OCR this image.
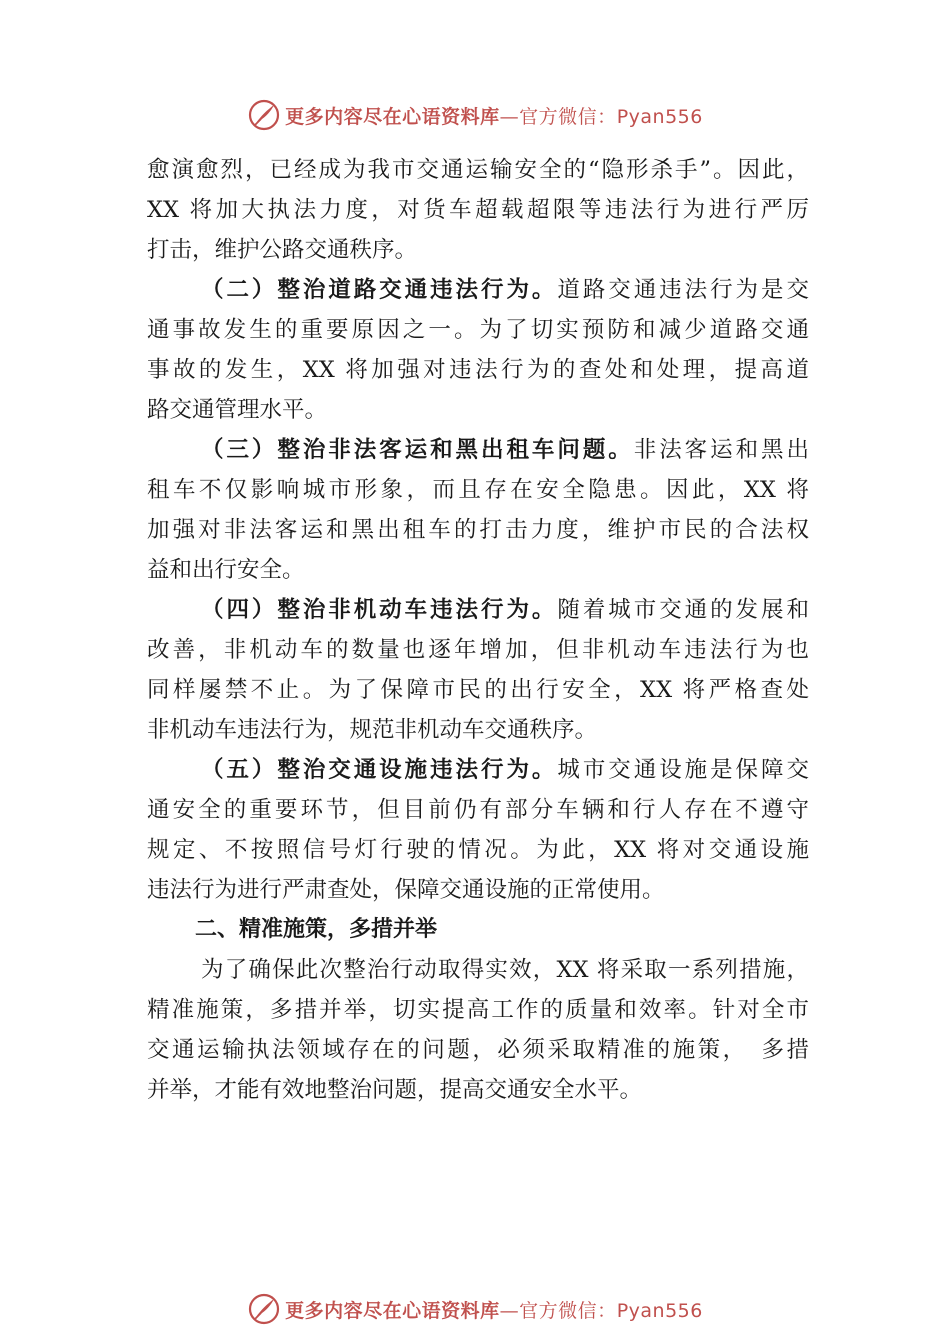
更多内容尽在心语资料库—官方微信：Pyan556
愈演愈烈，已经成为我市交通运输安全的“隐形杀手”。因此，
XX 将加大执法力度，对货车超载超限等违法行为进行严厉
打击，维护公路交通秩序。
（二）整治道路交通违法行为。道路交通违法行为是交
通事故发生的重要原因之一。为了切实预防和减少道路交通
事故的发生，XX 将加强对违法行为的查处和处理，提高道
路交通管理水平。
（三）整治非法客运和黑出租车问题。非法客运和黑出
租车不仅影响城市形象，而且存在安全隐患。因此，XX 将
加强对非法客运和黑出租车的打击力度，维护市民的合法权
益和出行安全。
（四）整治非机动车违法行为。随着城市交通的发展和
改善，非机动车的数量也逐年增加，但非机动车违法行为也
同样屡禁不止。为了保障市民的出行安全，XX 将严格查处
非机动车违法行为，规范非机动车交通秩序。
（五）整治交通设施违法行为。城市交通设施是保障交
通安全的重要环节，但目前仍有部分车辆和行人存在不遵守
规定、不按照信号灯行驶的情况。为此，XX 将对交通设施
违法行为进行严肃查处，保障交通设施的正常使用。
二、精准施策，多措并举
为了确保此次整治行动取得实效，XX 将采取一系列措施，
精准施策，多措并举，切实提高工作的质量和效率。针对全市
交通运输执法领域存在的问题，必须采取精准的施策，　多措
并举，才能有效地整治问题，提高交通安全水平。
更多内容尽在心语资料库—官方微信：Pyan556
